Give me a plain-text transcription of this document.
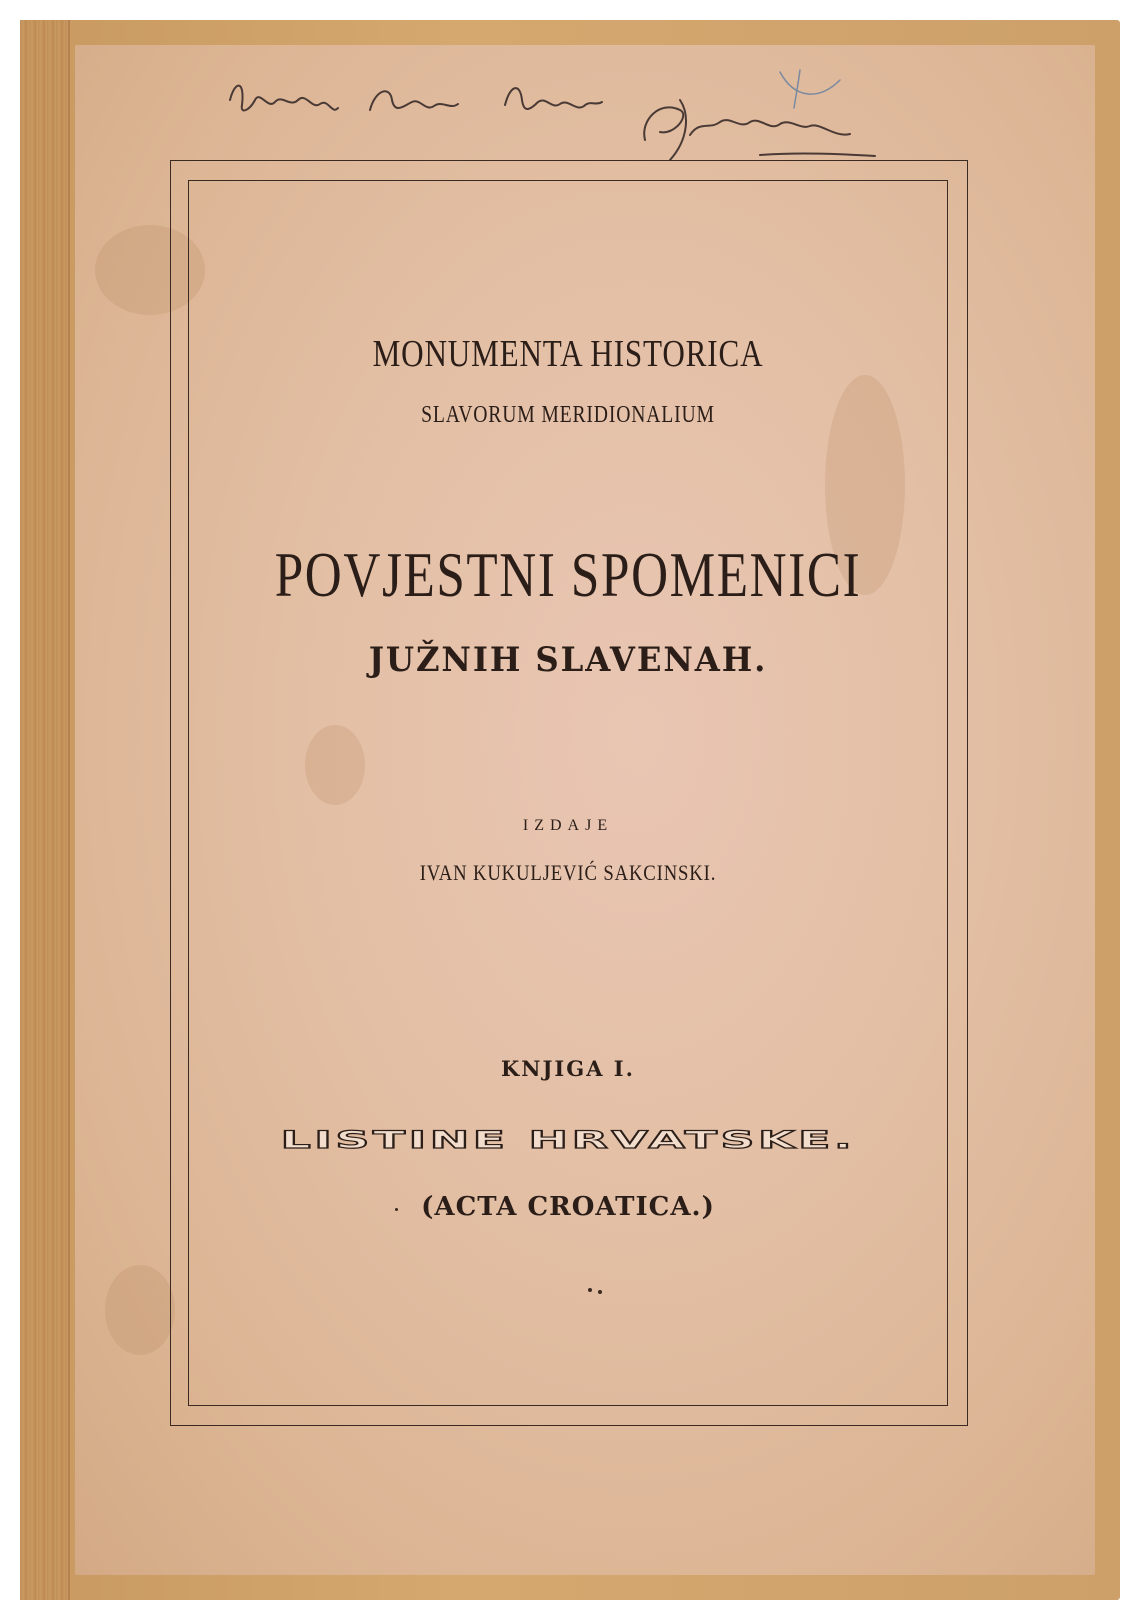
MONUMENTA HISTORICA
SLAVORUM MERIDIONALIUM
POVJESTNI SPOMENICI
JUŽNIH SLAVENAH.
IZDAJE
IVAN KUKULJEVIĆ SAKCINSKI.
KNJIGA I.
LISTINE HRVATSKE.
(ACTA CROATICA.)
